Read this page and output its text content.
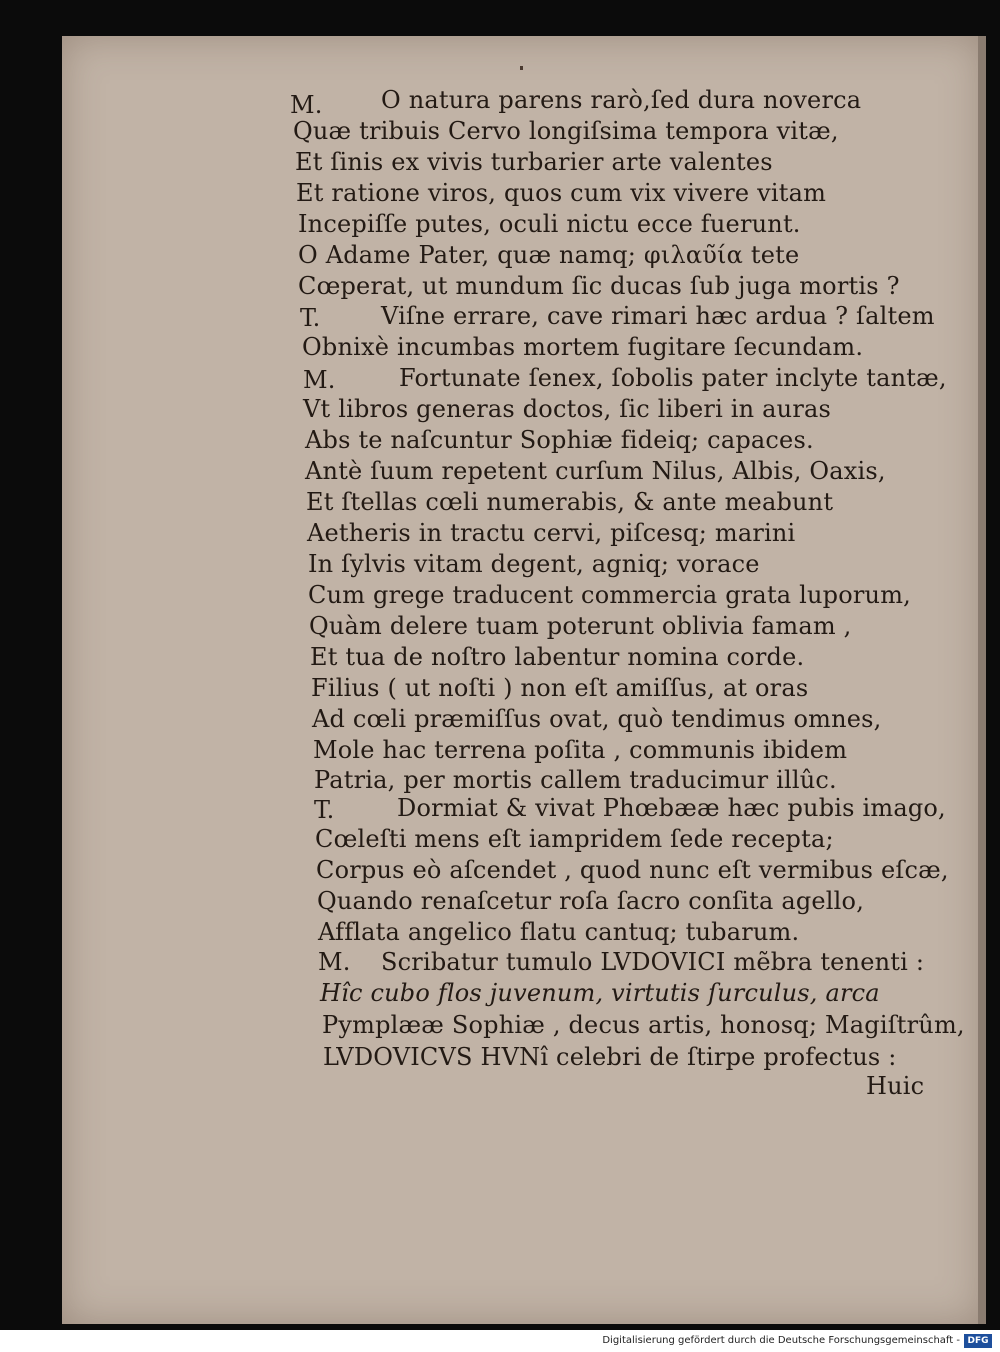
M.
T.
M.
T.
M.
O natura parens rarò,ſed dura noverca
Quæ tribuis Cervo longiſsima tempora vitæ,
Et ſinis ex vivis turbarier arte valentes
Et ratione viros, quos cum vix vivere vitam
Incepiſſe putes, oculi nictu ecce fuerunt.
O Adame Pater, quæ namq; φιλαυ̃ία tete
Cœperat, ut mundum ſic ducas ſub juga mortis ?
Viſne errare, cave rimari hæc ardua ? ſaltem
Obnixè incumbas mortem fugitare ſecundam.
Fortunate ſenex, ſobolis pater inclyte tantæ,
Vt libros generas doctos, ſic liberi in auras
Abs te naſcuntur Sophiæ fideiq; capaces.
Antè ſuum repetent curſum Nilus, Albis, Oaxis,
Et ſtellas cœli numerabis, & ante meabunt
Aetheris in tractu cervi, piſcesq; marini
In ſylvis vitam degent, agniq; vorace
Cum grege traducent commercia grata luporum,
Quàm delere tuam poterunt oblivia famam ,
Et tua de noſtro labentur nomina corde.
Filius ( ut noſti ) non eſt amiſſus, at oras
Ad cœli præmiſſus ovat, quò tendimus omnes,
Mole hac terrena poſita , communis ibidem
Patria, per mortis callem traducimur illûc.
Dormiat & vivat Phœbææ hæc pubis imago,
Cœleſti mens eſt iampridem ſede recepta;
Corpus eò aſcendet , quod nunc eſt vermibus eſcæ,
Quando renaſcetur roſa ſacro conſita agello,
Afflata angelico flatu cantuq; tubarum.
Scribatur tumulo LVDOVICI mẽbra tenenti :
Hîc cubo flos juvenum, virtutis ſurculus, arca
Pymplææ Sophiæ , decus artis, honosq; Magiſtrûm,
LVDOVICVS HVNî celebri de ſtirpe profectus :
Huic
Digitalisierung gefördert durch die Deutsche Forschungsgemeinschaft - DFG
